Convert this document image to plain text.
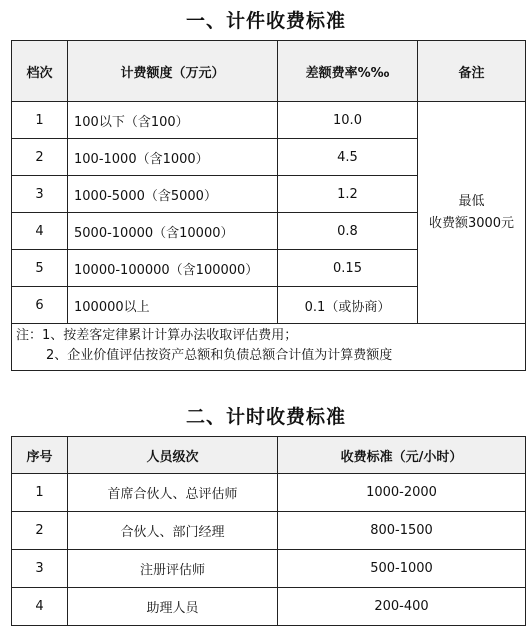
一、计件收费标准
档次	计费额度（万元）	差额费率%‰	备注
1	100以下（含100）	10.0	最低
收费额3000元
2	100-1000（含1000）	4.5	
3	1000-5000（含5000）	1.2	
4	5000-10000（含10000）	0.8	
5	10000-100000（含100000）	0.15	
6	100000以上	0.1（或协商）	
注：1、按差客定律累计计算办法收取评估费用；
2、企业价值评估按资产总额和负债总额合计值为计算费额度			
二、计时收费标准
序号	人员级次	收费标准（元/小时）
1	首席合伙人、总评估师	1000-2000
2	合伙人、部门经理	800-1500
3	注册评估师	500-1000
4	助理人员	200-400
